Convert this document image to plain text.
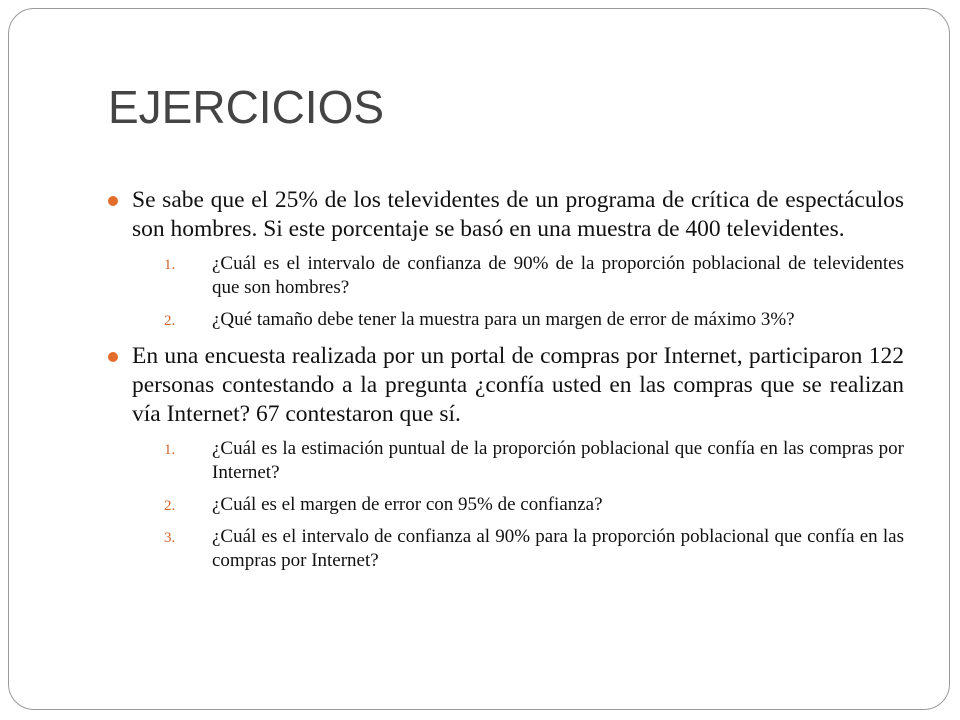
EJERCICIOS
Se sabe que el 25% de los televidentes de un programa de crítica de espectáculos son hombres. Si este porcentaje se basó en una muestra de 400 televidentes.
1. ¿Cuál es el intervalo de confianza de 90% de la proporción poblacional de televidentes que son hombres?
2. ¿Qué tamaño debe tener la muestra para un margen de error de máximo 3%?
En una encuesta realizada por un portal de compras por Internet, participaron 122 personas contestando a la pregunta ¿confía usted en las compras que se realizan vía Internet? 67 contestaron que sí.
1. ¿Cuál es la estimación puntual de la proporción poblacional que confía en las compras por Internet?
2. ¿Cuál es el margen de error con 95% de confianza?
3. ¿Cuál es el intervalo de confianza al 90% para la proporción poblacional que confía en las compras por Internet?
